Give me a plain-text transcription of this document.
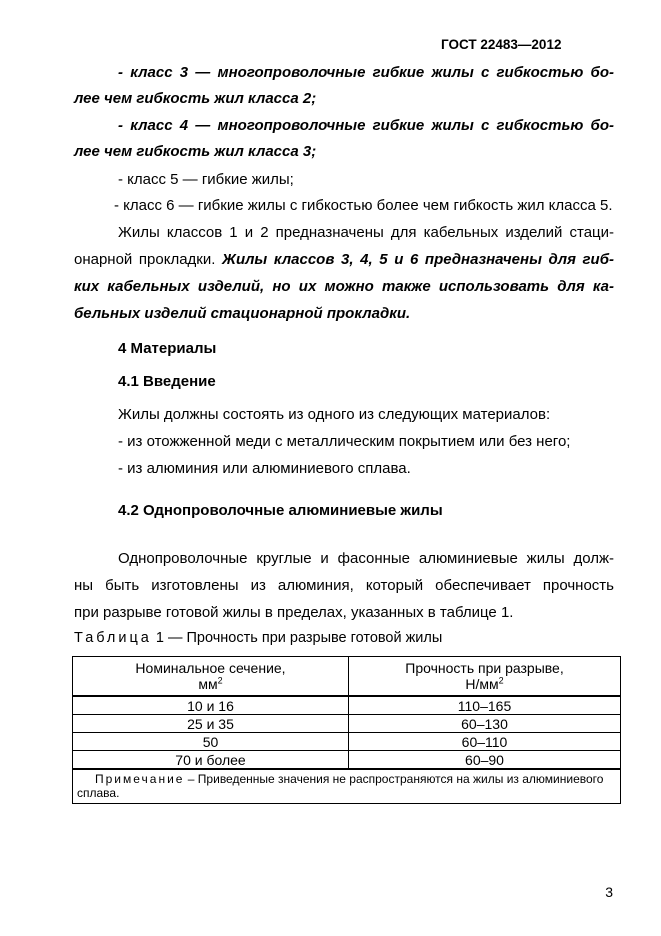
ГОСТ 22483—2012
- класс 3 — многопроволочные гибкие жилы с гибкостью бо-
лее чем гибкость жил класса 2;
- класс 4 — многопроволочные гибкие жилы с гибкостью бо-
лее чем гибкость жил класса 3;
- класс 5 — гибкие жилы;
- класс 6 — гибкие жилы с гибкостью более чем гибкость жил класса 5.
Жилы классов 1 и 2 предназначены для кабельных изделий стаци-
онарной прокладки. Жилы классов 3, 4, 5 и 6 предназначены для гиб-
ких кабельных изделий, но их можно также использовать для ка-
бельных изделий стационарной прокладки.
4 Материалы
4.1 Введение
Жилы должны состоять из одного из следующих материалов:
- из отожженной меди с металлическим покрытием или без него;
- из алюминия или алюминиевого сплава.
4.2 Однопроволочные алюминиевые жилы
Однопроволочные круглые и фасонные алюминиевые жилы долж-
ны быть изготовлены из алюминия, который обеспечивает прочность
при разрыве готовой жилы в пределах, указанных в таблице 1.
Таблица 1 — Прочность при разрыве готовой жилы
Номинальное сечение,
$мм^2$	Прочность при разрыве,
$Н/мм^2$
10 и 16	110–165
25 и 35	60–130
50	60–110
70 и более	60–90
Примечание – Приведенные значения не распространяются на жилы из алюминиевого сплава.	
3
